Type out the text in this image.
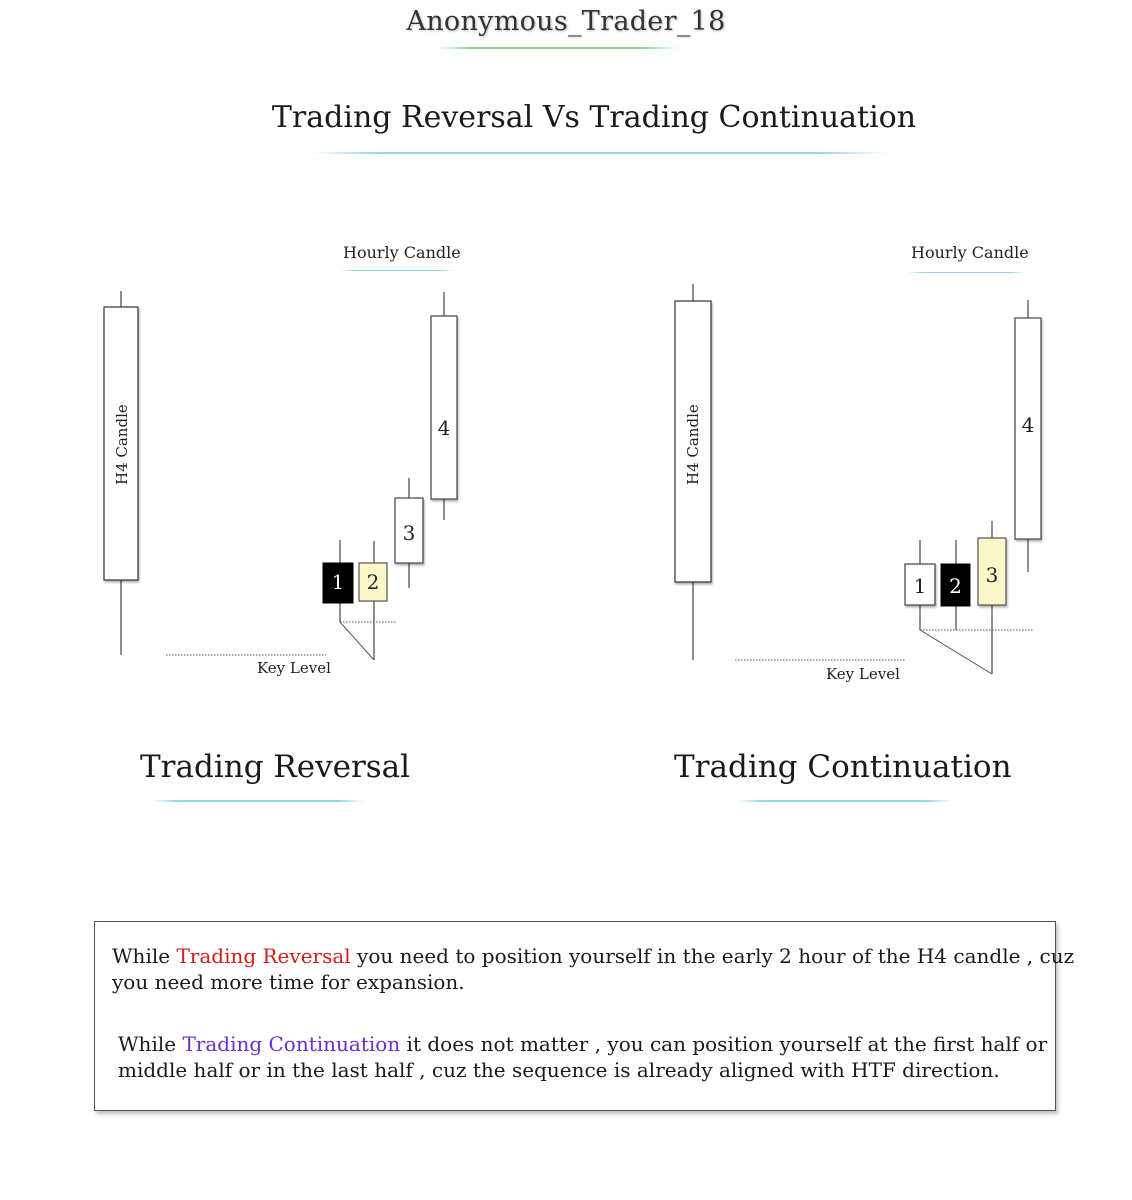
Anonymous_Trader_18
Trading Reversal Vs Trading Continuation
Hourly Candle
H4 Candle
Key Level
1	2
3
4
Trading Reversal
Hourly Candle
H4 Candle
Key Level
1	2	3
4
Trading Continuation
While Trading Reversal you need to position yourself in the early 2 hour of the H4 candle , cuz
you need more time for expansion.
While Trading Continuation it does not matter , you can position yourself at the first half or
middle half or in the last half , cuz the sequence is already aligned with HTF direction.
